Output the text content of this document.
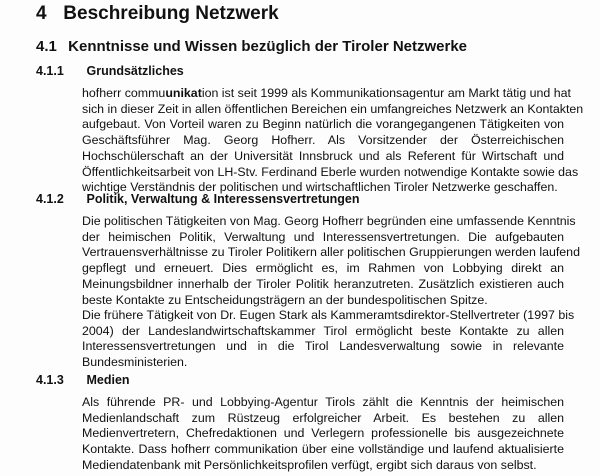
4 Beschreibung Netzwerk
4.1 Kenntnisse und Wissen bezüglich der Tiroler Netzwerke
4.1.1 Grundsätzliches
hofherr commuunikation ist seit 1999 als Kommunikationsagentur am Markt tätig und hat
sich in dieser Zeit in allen öffentlichen Bereichen ein umfangreiches Netzwerk an Kontakten
aufgebaut. Von Vorteil waren zu Beginn natürlich die vorangegangenen Tätigkeiten von
Geschäftsführer Mag. Georg Hofherr. Als Vorsitzender der Österreichischen
Hochschülerschaft an der Universität Innsbruck und als Referent für Wirtschaft und
Öffentlichkeitsarbeit von LH-Stv. Ferdinand Eberle wurden notwendige Kontakte sowie das
wichtige Verständnis der politischen und wirtschaftlichen Tiroler Netzwerke geschaffen.
4.1.2 Politik, Verwaltung & Interessensvertretungen
Die politischen Tätigkeiten von Mag. Georg Hofherr begründen eine umfassende Kenntnis
der heimischen Politik, Verwaltung und Interessensvertretungen. Die aufgebauten
Vertrauensverhältnisse zu Tiroler Politikern aller politischen Gruppierungen werden laufend
gepflegt und erneuert. Dies ermöglicht es, im Rahmen von Lobbying direkt an
Meinungsbildner innerhalb der Tiroler Politik heranzutreten. Zusätzlich existieren auch
beste Kontakte zu Entscheidungsträgern an der bundespolitischen Spitze.
Die frühere Tätigkeit von Dr. Eugen Stark als Kammeramtsdirektor-Stellvertreter (1997 bis
2004) der Landeslandwirtschaftskammer Tirol ermöglicht beste Kontakte zu allen
Interessensvertretungen und in die Tirol Landesverwaltung sowie in relevante
Bundesministerien.
4.1.3 Medien
Als führende PR- und Lobbying-Agentur Tirols zählt die Kenntnis der heimischen
Medienlandschaft zum Rüstzeug erfolgreicher Arbeit. Es bestehen zu allen
Medienvertretern, Chefredaktionen und Verlegern professionelle bis ausgezeichnete
Kontakte. Dass hofherr communikation über eine vollständige und laufend aktualisierte
Mediendatenbank mit Persönlichkeitsprofilen verfügt, ergibt sich daraus von selbst.
